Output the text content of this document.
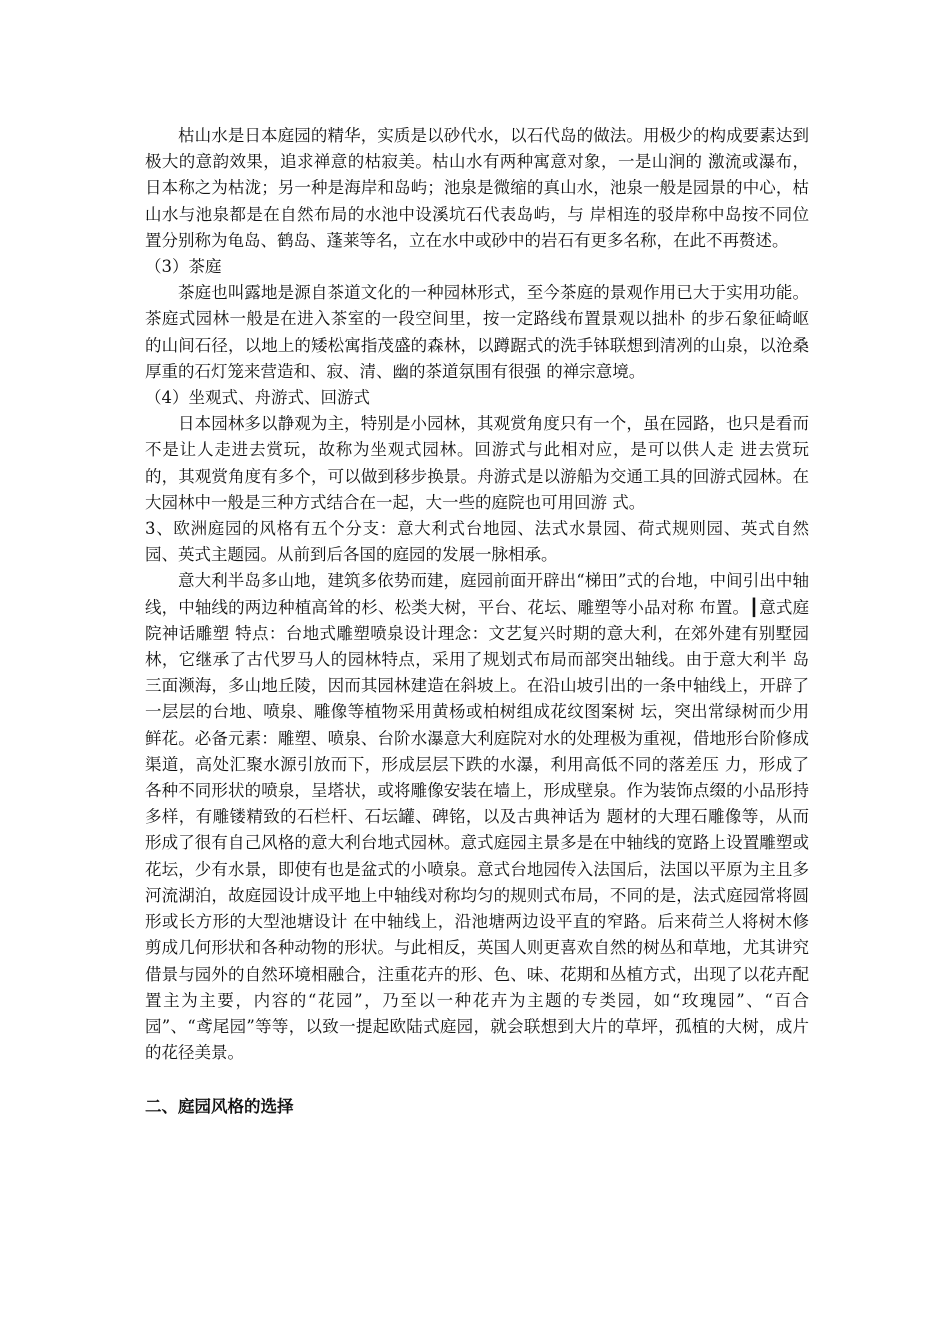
枯山水是日本庭园的精华，实质是以砂代水，以石代岛的做法。用极少的构成要素达到极大的意韵效果，追求禅意的枯寂美。枯山水有两种寓意对象，一是山涧的 激流或瀑布，日本称之为枯泷；另一种是海岸和岛屿；池泉是微缩的真山水，池泉一般是园景的中心，枯山水与池泉都是在自然布局的水池中设溪坑石代表岛屿，与 岸相连的驳岸称中岛按不同位置分别称为龟岛、鹤岛、蓬莱等名，立在水中或砂中的岩石有更多名称，在此不再赘述。

（3）茶庭

茶庭也叫露地是源自茶道文化的一种园林形式，至今茶庭的景观作用已大于实用功能。茶庭式园林一般是在进入茶室的一段空间里，按一定路线布置景观以拙朴 的步石象征崎岖的山间石径，以地上的矮松寓指茂盛的森林，以蹲踞式的洗手钵联想到清冽的山泉，以沧桑厚重的石灯笼来营造和、寂、清、幽的茶道氛围有很强 的禅宗意境。

（4）坐观式、舟游式、回游式

日本园林多以静观为主，特别是小园林，其观赏角度只有一个，虽在园路，也只是看而不是让人走进去赏玩，故称为坐观式园林。回游式与此相对应，是可以供人走 进去赏玩的，其观赏角度有多个，可以做到移步换景。舟游式是以游船为交通工具的回游式园林。在大园林中一般是三种方式结合在一起，大一些的庭院也可用回游 式。

3、欧洲庭园的风格有五个分支：意大利式台地园、法式水景园、荷式规则园、英式自然园、英式主题园。从前到后各国的庭园的发展一脉相承。

意大利半岛多山地，建筑多依势而建，庭园前面开辟出“梯田”式的台地，中间引出中轴线，中轴线的两边种植高耸的杉、松类大树，平台、花坛、雕塑等小品对称 布置。┃意式庭院神话雕塑 特点：台地式雕塑喷泉设计理念：文艺复兴时期的意大利，在郊外建有别墅园林，它继承了古代罗马人的园林特点，采用了规划式布局而部突出轴线。由于意大利半 岛三面濒海，多山地丘陵，因而其园林建造在斜坡上。在沿山坡引出的一条中轴线上，开辟了一层层的台地、喷泉、雕像等植物采用黄杨或柏树组成花纹图案树 坛，突出常绿树而少用鲜花。必备元素：雕塑、喷泉、台阶水瀑意大利庭院对水的处理极为重视，借地形台阶修成渠道，高处汇聚水源引放而下，形成层层下跌的水瀑，利用高低不同的落差压 力，形成了各种不同形状的喷泉，呈塔状，或将雕像安装在墙上，形成壁泉。作为装饰点缀的小品形持多样，有雕镂精致的石栏杆、石坛罐、碑铭，以及古典神话为 题材的大理石雕像等，从而形成了很有自己风格的意大利台地式园林。意式庭园主景多是在中轴线的宽路上设置雕塑或花坛，少有水景，即使有也是盆式的小喷泉。意式台地园传入法国后，法国以平原为主且多河流湖泊，故庭园设计成平地上中轴线对称均匀的规则式布局，不同的是，法式庭园常将圆形或长方形的大型池塘设计 在中轴线上，沿池塘两边设平直的窄路。后来荷兰人将树木修剪成几何形状和各种动物的形状。与此相反，英国人则更喜欢自然的树丛和草地，尤其讲究借景与园外的自然环境相融合，注重花卉的形、色、味、花期和丛植方式，出现了以花卉配置主为主要，内容的“花园”，乃至以一种花卉为主题的专类园，如“玫瑰园”、“百合园”、“鸢尾园”等等，以致一提起欧陆式庭园，就会联想到大片的草坪，孤植的大树，成片的花径美景。

二、庭园风格的选择
